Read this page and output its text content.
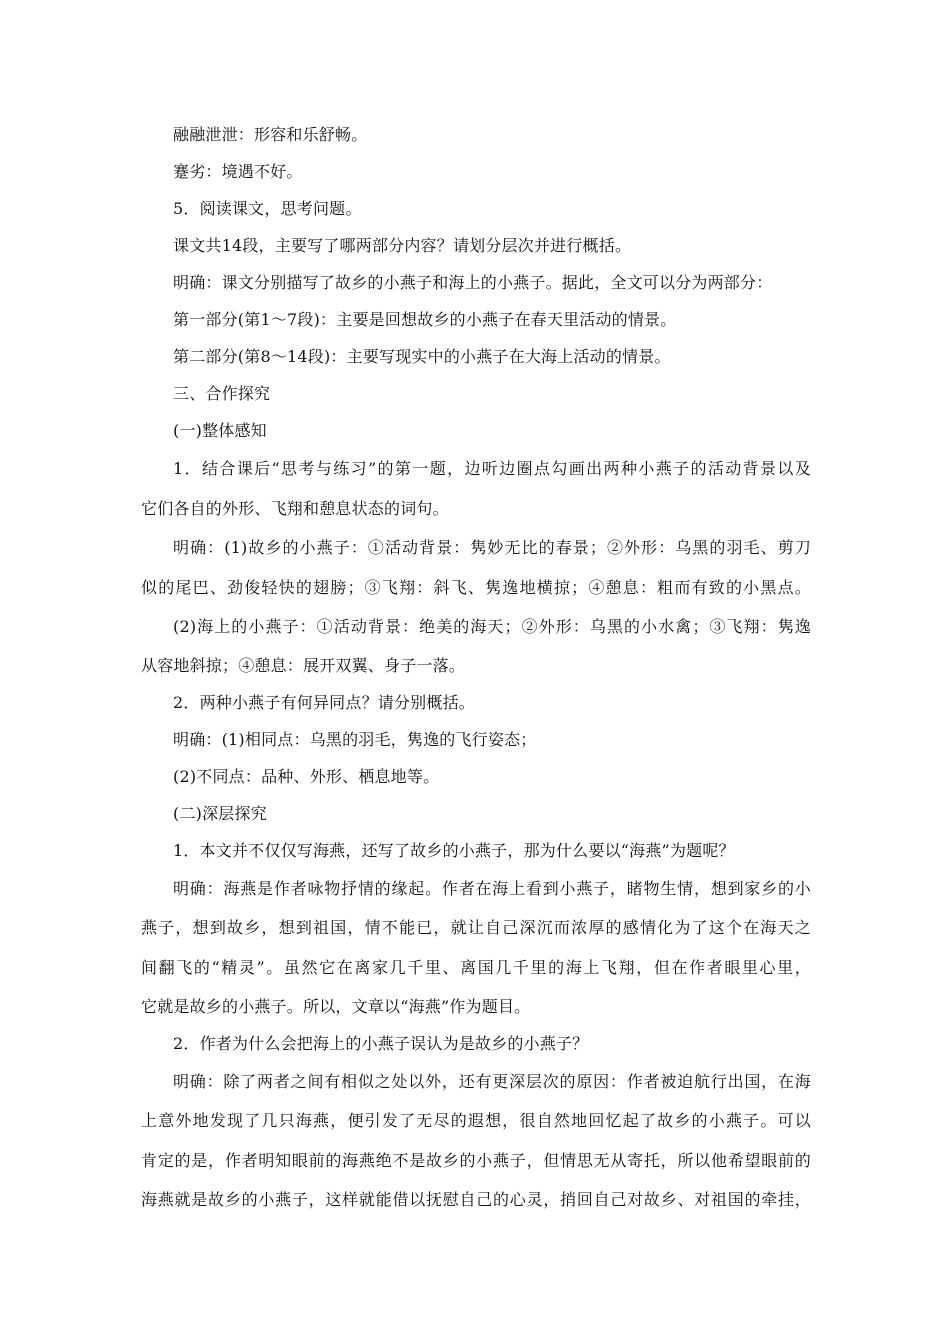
融融泄泄：形容和乐舒畅。
蹇劣：境遇不好。
5．阅读课文，思考问题。
课文共14段，主要写了哪两部分内容？请划分层次并进行概括。
明确：课文分别描写了故乡的小燕子和海上的小燕子。据此，全文可以分为两部分：
第一部分(第1～7段)：主要是回想故乡的小燕子在春天里活动的情景。
第二部分(第8～14段)：主要写现实中的小燕子在大海上活动的情景。
三、合作探究
(一)整体感知
1．结合课后“思考与练习”的第一题，边听边圈点勾画出两种小燕子的活动背景以及
它们各自的外形、飞翔和憩息状态的词句。
明确：(1)故乡的小燕子：①活动背景：隽妙无比的春景；②外形：乌黑的羽毛、剪刀
似的尾巴、劲俊轻快的翅膀；③飞翔：斜飞、隽逸地横掠；④憩息：粗而有致的小黑点。
(2)海上的小燕子：①活动背景：绝美的海天；②外形：乌黑的小水禽；③飞翔：隽逸
从容地斜掠；④憩息：展开双翼、身子一落。
2．两种小燕子有何异同点？请分别概括。
明确：(1)相同点：乌黑的羽毛，隽逸的飞行姿态；
(2)不同点：品种、外形、栖息地等。
(二)深层探究
1．本文并不仅仅写海燕，还写了故乡的小燕子，那为什么要以“海燕”为题呢？
明确：海燕是作者咏物抒情的缘起。作者在海上看到小燕子，睹物生情，想到家乡的小
燕子，想到故乡，想到祖国，情不能已，就让自己深沉而浓厚的感情化为了这个在海天之
间翻飞的“精灵”。虽然它在离家几千里、离国几千里的海上飞翔，但在作者眼里心里，
它就是故乡的小燕子。所以，文章以“海燕”作为题目。
2．作者为什么会把海上的小燕子误认为是故乡的小燕子？
明确：除了两者之间有相似之处以外，还有更深层次的原因：作者被迫航行出国，在海
上意外地发现了几只海燕，便引发了无尽的遐想，很自然地回忆起了故乡的小燕子。可以
肯定的是，作者明知眼前的海燕绝不是故乡的小燕子，但情思无从寄托，所以他希望眼前的
海燕就是故乡的小燕子，这样就能借以抚慰自己的心灵，捎回自己对故乡、对祖国的牵挂，
